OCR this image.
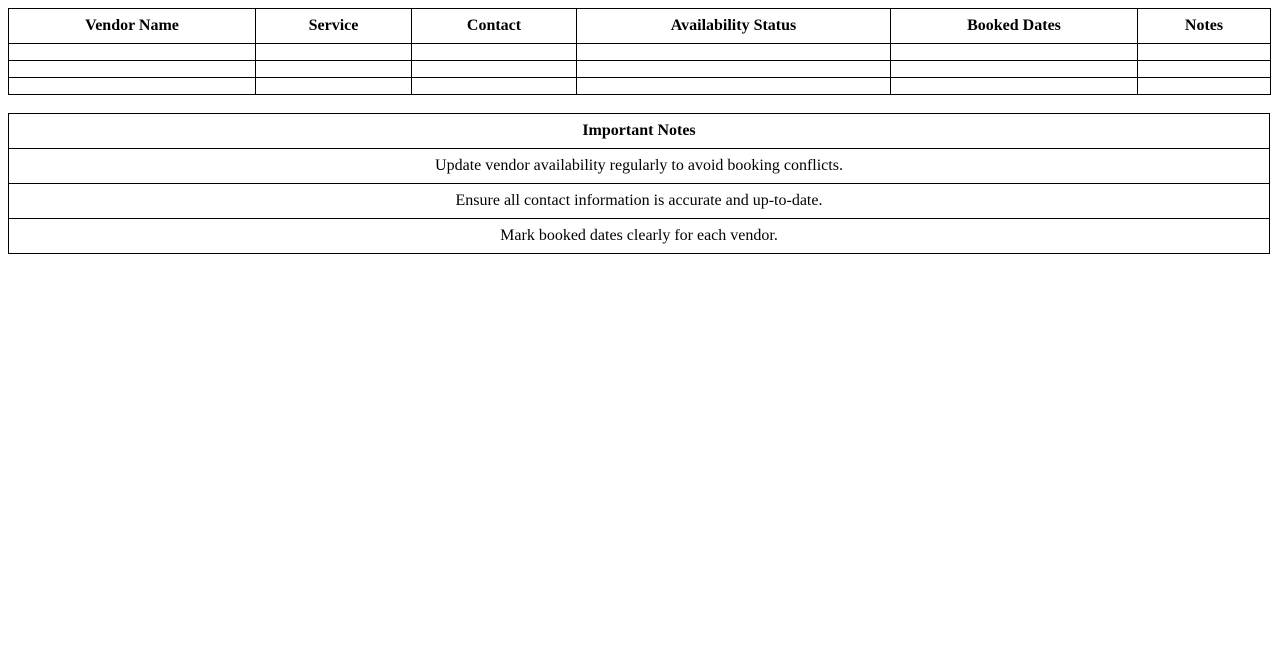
Vendor Name	Service	Contact	Availability Status	Booked Dates	Notes

Important Notes
Update vendor availability regularly to avoid booking conflicts.
Ensure all contact information is accurate and up-to-date.
Mark booked dates clearly for each vendor.
